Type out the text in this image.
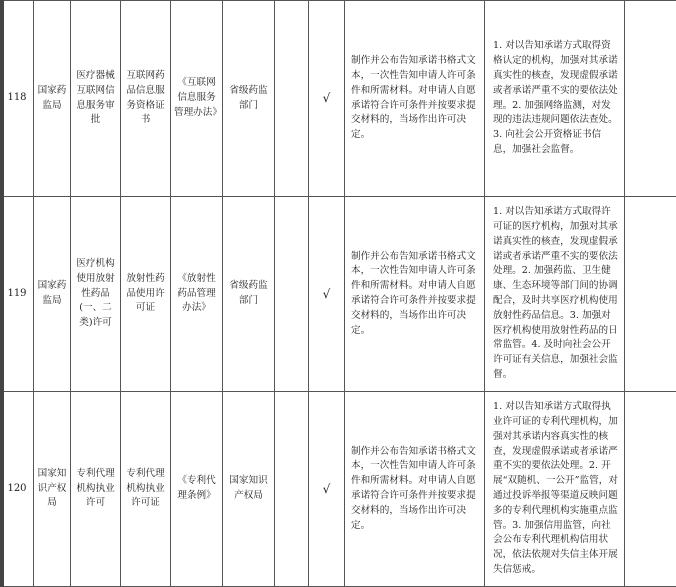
118	国家药监局	医疗器械互联网信息服务审批	互联网药品信息服务资格证书	《互联网信息服务管理办法》	省级药监部门		√	制作并公布告知承诺书格式文本，一次性告知申请人许可条件和所需材料。对申请人自愿承诺符合许可条件并按要求提交材料的，当场作出许可决定。	1. 对以告知承诺方式取得资格认定的机构，加强对其承诺真实性的核查，发现虚假承诺或者承诺严重不实的要依法处理。2. 加强网络监测，对发现的违法违规问题依法查处。3. 向社会公开资格证书信息，加强社会监督。	
119	国家药监局	医疗机构使用放射性药品(一、二类)许可	放射性药品使用许可证	《放射性药品管理办法》	省级药监部门		√	制作并公布告知承诺书格式文本，一次性告知申请人许可条件和所需材料。对申请人自愿承诺符合许可条件并按要求提交材料的，当场作出许可决定。	1. 对以告知承诺方式取得许可证的医疗机构，加强对其承诺真实性的核查，发现虚假承诺或者承诺严重不实的要依法处理。2. 加强药监、卫生健康、生态环境等部门间的协调配合，及时共享医疗机构使用放射性药品信息。3. 加强对医疗机构使用放射性药品的日常监管。4. 及时向社会公开许可证有关信息，加强社会监督。	
120	国家知识产权局	专利代理机构执业许可	专利代理机构执业许可证	《专利代理条例》	国家知识产权局		√	制作并公布告知承诺书格式文本，一次性告知申请人许可条件和所需材料。对申请人自愿承诺符合许可条件并按要求提交材料的，当场作出许可决定。	1. 对以告知承诺方式取得执业许可证的专利代理机构，加强对其承诺内容真实性的核查，发现虚假承诺或者承诺严重不实的要依法处理。2. 开展“双随机、一公开”监管，对通过投诉举报等渠道反映问题多的专利代理机构实施重点监管。3. 加强信用监管，向社会公布专利代理机构信用状况，依法依规对失信主体开展失信惩戒。	
